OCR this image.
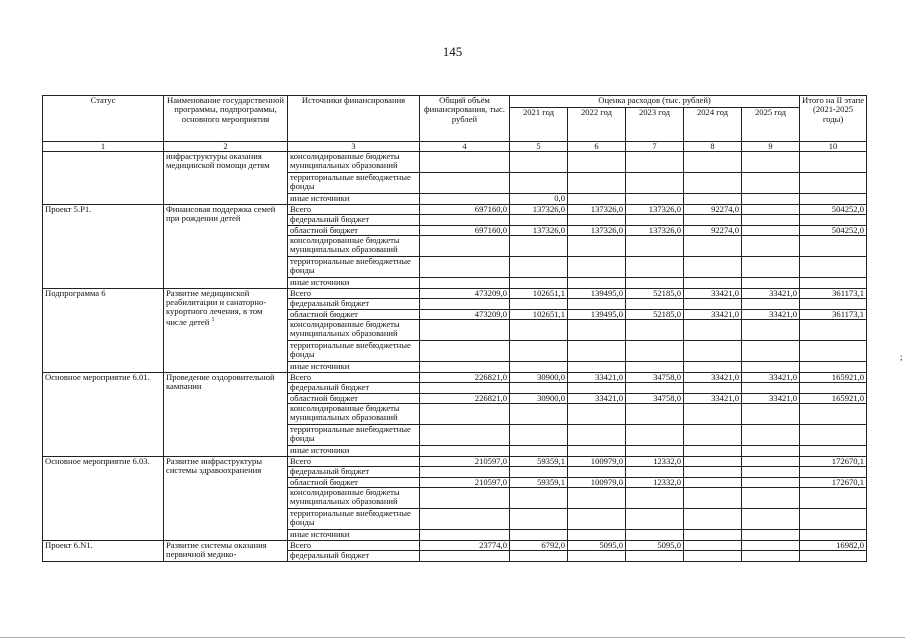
145
Статус	Наименование государственной программы, подпрограммы, основного мероприятия	Источники финансирования	Общий объём финансирования, тыс. рублей	Оценка расходов (тыс. рублей)					Итого на II этапе (2021-2025 годы)
				2021 год	2022 год	2023 год	2024 год	2025 год	
1	2	3	4	5	6	7	8	9	10
	инфраструктуры оказания медицинской помощи детям	консолидированные бюджеты муниципальных образований							
		территориальные внебюджетные фонды							
		иные источники		0,0					
Проект 5.Р1.	Финансовая поддержка семей при рождении детей	Всего	697160,0	137326,0	137326,0	137326,0	92274,0		504252,0
		федеральный бюджет							
		областной бюджет	697160,0	137326,0	137326,0	137326,0	92274,0		504252,0
		консолидированные бюджеты муниципальных образований							
		территориальные внебюджетные фонды							
		иные источники							
Подпрограмма 6	Развитие медицинской реабилитации и санаторно-курортного лечения, в том числе детей $^1$	Всего	473209,0	102651,1	139495,0	52185,0	33421,0	33421,0	361173,1
		федеральный бюджет							
		областной бюджет	473209,0	102651,1	139495,0	52185,0	33421,0	33421,0	361173,1
		консолидированные бюджеты муниципальных образований							
		территориальные внебюджетные фонды							
		иные источники							
Основное мероприятие 6.01.	Проведение оздоровительной кампании	Всего	226821,0	30900,0	33421,0	34758,0	33421,0	33421,0	165921,0
		федеральный бюджет							
		областной бюджет	226821,0	30900,0	33421,0	34758,0	33421,0	33421,0	165921,0
		консолидированные бюджеты муниципальных образований							
		территориальные внебюджетные фонды							
		иные источники							
Основное мероприятие 6.03.	Развитие инфраструктуры системы здравоохранения	Всего	210597,0	59359,1	100979,0	12332,0			172670,1
		федеральный бюджет							
		областной бюджет	210597,0	59359,1	100979,0	12332,0			172670,1
		консолидированные бюджеты муниципальных образований							
		территориальные внебюджетные фонды							
		иные источники							
Проект 6.N1.	Развитие системы оказания первичной медико-	Всего	23774,0	6792,0	5095,0	5095,0			16982,0
		федеральный бюджет							
;
